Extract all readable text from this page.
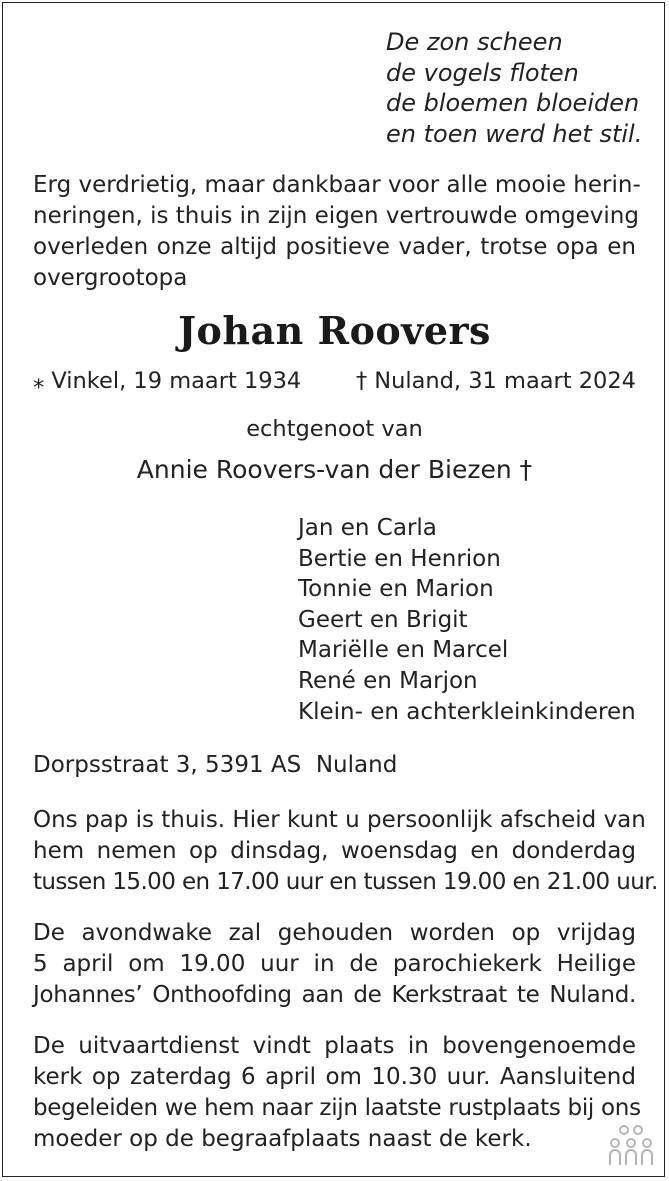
De zon scheen
de vogels floten
de bloemen bloeiden
en toen werd het stil.
Erg verdrietig, maar dankbaar voor alle mooie herin-
neringen, is thuis in zijn eigen vertrouwde omgeving
overleden onze altijd positieve vader, trotse opa en
overgrootopa
Johan Roovers
⁎ Vinkel, 19 maart 1934 † Nuland, 31 maart 2024
echtgenoot van
Annie Roovers-van der Biezen †
Jan en Carla
Bertie en Henrion
Tonnie en Marion
Geert en Brigit
Mariëlle en Marcel
René en Marjon
Klein- en achterkleinkinderen
Dorpsstraat 3, 5391 AS  Nuland
Ons pap is thuis. Hier kunt u persoonlijk afscheid van
hem nemen op dinsdag, woensdag en donderdag
tussen 15.00 en 17.00 uur en tussen 19.00 en 21.00 uur.
De avondwake zal gehouden worden op vrijdag
5 april om 19.00 uur in de parochiekerk Heilige
Johannes’ Onthoofding aan de Kerkstraat te Nuland.
De uitvaartdienst vindt plaats in bovengenoemde
kerk op zaterdag 6 april om 10.30 uur. Aansluitend
begeleiden we hem naar zijn laatste rustplaats bij ons
moeder op de begraafplaats naast de kerk.
